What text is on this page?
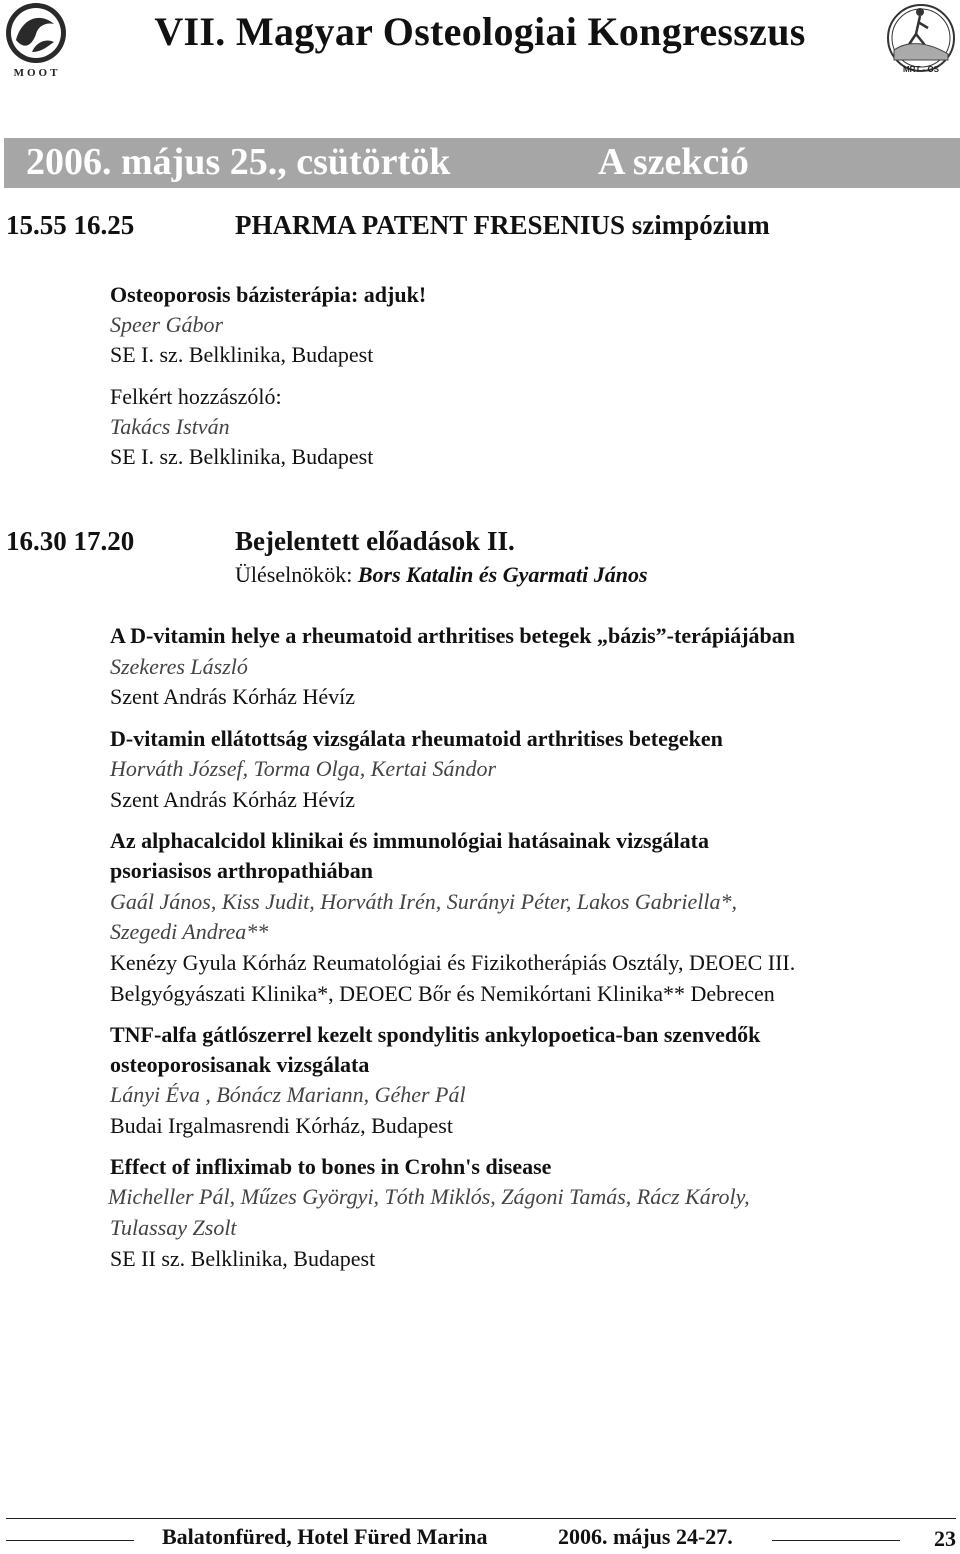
MOOT
VII. Magyar Osteologiai Kongresszus
MRT - OS
2006. május 25., csütörtök	A szekció
15.55 16.25	PHARMA PATENT FRESENIUS szimpózium
Osteoporosis bázisterápia: adjuk!
Speer Gábor
SE I. sz. Belklinika, Budapest
Felkért hozzászóló:
Takács István
SE I. sz. Belklinika, Budapest
16.30 17.20	Bejelentett előadások II.
Üléselnökök: Bors Katalin és Gyarmati János
A D-vitamin helye a rheumatoid arthritises betegek „bázis”-terápiájában
Szekeres László
Szent András Kórház Hévíz
D-vitamin ellátottság vizsgálata rheumatoid arthritises betegeken
Horváth József, Torma Olga, Kertai Sándor
Szent András Kórház Hévíz
Az alphacalcidol klinikai és immunológiai hatásainak vizsgálata
psoriasisos arthropathiában
Gaál János, Kiss Judit, Horváth Irén, Surányi Péter, Lakos Gabriella*,
Szegedi Andrea**
Kenézy Gyula Kórház Reumatológiai és Fizikotherápiás Osztály, DEOEC III.
Belgyógyászati Klinika*, DEOEC Bőr és Nemikórtani Klinika** Debrecen
TNF-alfa gátlószerrel kezelt spondylitis ankylopoetica-ban szenvedők
osteoporosisanak vizsgálata
Lányi Éva , Bónácz Mariann, Géher Pál
Budai Irgalmasrendi Kórház, Budapest
Effect of infliximab to bones in Crohn's disease
Micheller Pál, Műzes Györgyi, Tóth Miklós, Zágoni Tamás, Rácz Károly,
Tulassay Zsolt
SE II sz. Belklinika, Budapest
Balatonfüred, Hotel Füred Marina	2006. május 24-27.	23
